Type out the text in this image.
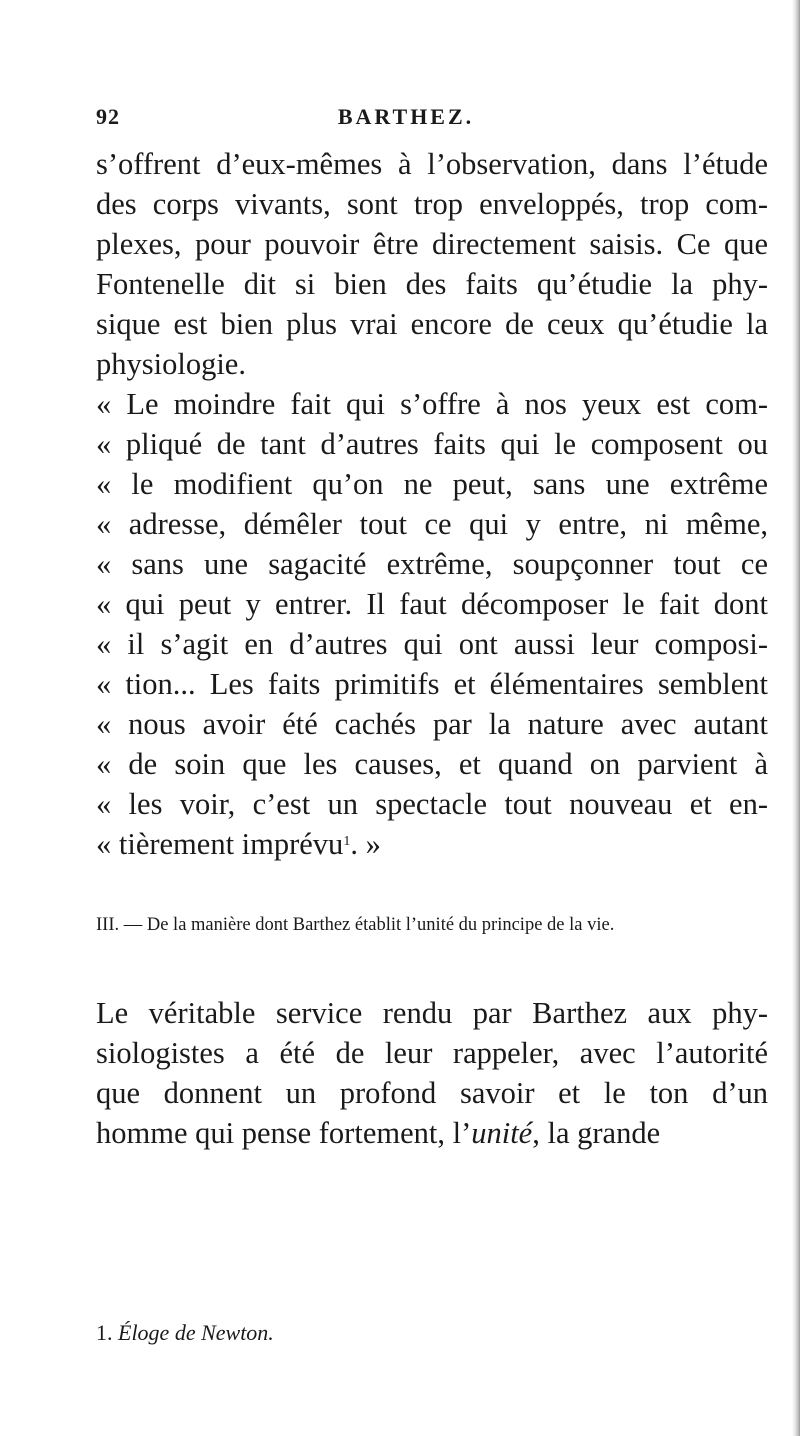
92	BARTHEZ.
s’offrent d’eux-mêmes à l’observation, dans l’étude
des corps vivants, sont trop enveloppés, trop com-
plexes, pour pouvoir être directement saisis. Ce que
Fontenelle dit si bien des faits qu’étudie la phy-
sique est bien plus vrai encore de ceux qu’étudie la
physiologie.
« Le moindre fait qui s’offre à nos yeux est com-
« pliqué de tant d’autres faits qui le composent ou
« le modifient qu’on ne peut, sans une extrême
« adresse, démêler tout ce qui y entre, ni même,
« sans une sagacité extrême, soupçonner tout ce
« qui peut y entrer. Il faut décomposer le fait dont
« il s’agit en d’autres qui ont aussi leur composi-
« tion... Les faits primitifs et élémentaires semblent
« nous avoir été cachés par la nature avec autant
« de soin que les causes, et quand on parvient à
« les voir, c’est un spectacle tout nouveau et en-
« tièrement imprévu$^1$. »
III. — De la manière dont Barthez établit l’unité du principe de la vie.
Le véritable service rendu par Barthez aux phy-
siologistes a été de leur rappeler, avec l’autorité
que donnent un profond savoir et le ton d’un
homme qui pense fortement, l’unité, la grande
1. Éloge de Newton.
